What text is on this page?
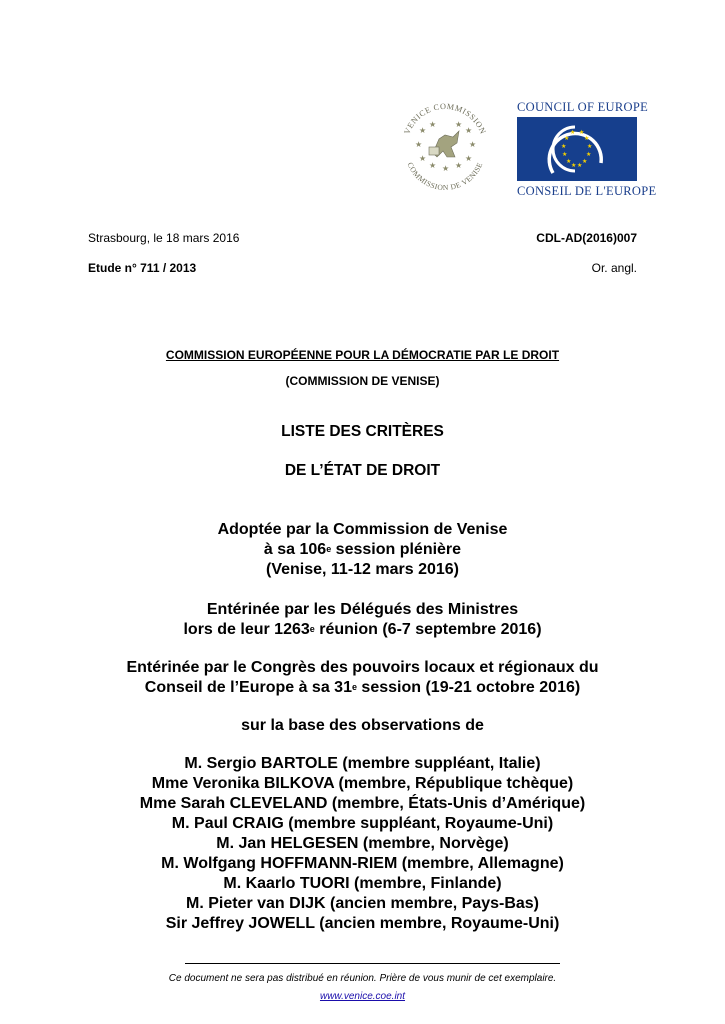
VENICE COMMISSION
COMMISSION DE VENISE
★
★ ★
★
★	★
★	★
★ ★
★
COUNCIL OF EUROPE
★ ★
★ ★
★	★
★	★
★ ★
★ ★
CONSEIL DE L'EUROPE
Strasbourg, le 18 mars 2016	CDL-AD(2016)007
Etude n° 711 / 2013	Or. angl.
COMMISSION EUROPÉENNE POUR LA DÉMOCRATIE PAR LE DROIT
(COMMISSION DE VENISE)
LISTE DES CRITÈRES
DE L’ÉTAT DE DROIT
Adoptée par la Commission de Venise
à sa 106e session plénière
(Venise, 11-12 mars 2016)
Entérinée par les Délégués des Ministres
lors de leur 1263e réunion (6-7 septembre 2016)
Entérinée par le Congrès des pouvoirs locaux et régionaux du
Conseil de l’Europe à sa 31e session (19-21 octobre 2016)
sur la base des observations de
M. Sergio BARTOLE (membre suppléant, Italie)
Mme Veronika BILKOVA (membre, République tchèque)
Mme Sarah CLEVELAND (membre, États-Unis d’Amérique)
M. Paul CRAIG (membre suppléant, Royaume-Uni)
M. Jan HELGESEN (membre, Norvège)
M. Wolfgang HOFFMANN-RIEM (membre, Allemagne)
M. Kaarlo TUORI (membre, Finlande)
M. Pieter van DIJK (ancien membre, Pays-Bas)
Sir Jeffrey JOWELL (ancien membre, Royaume-Uni)
Ce document ne sera pas distribué en réunion. Prière de vous munir de cet exemplaire.
www.venice.coe.int
